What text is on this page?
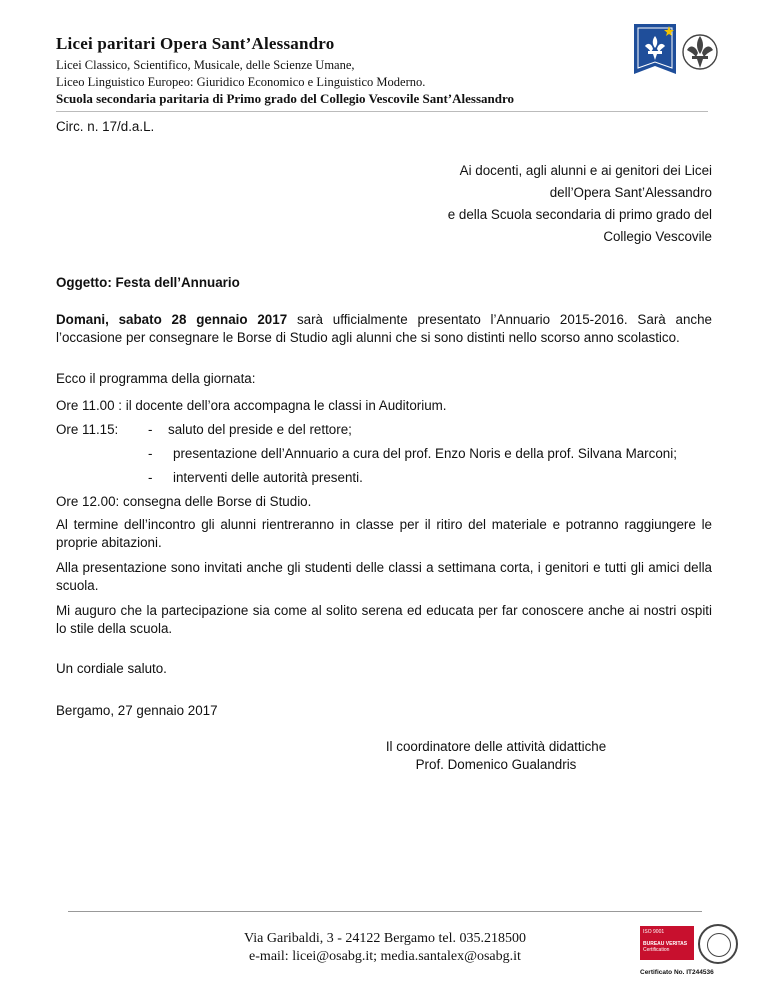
Licei paritari Opera Sant’Alessandro
Licei Classico, Scientifico, Musicale, delle Scienze Umane,
Liceo Linguistico Europeo: Giuridico Economico e Linguistico Moderno.
Scuola secondaria paritaria di Primo grado del Collegio Vescovile Sant’Alessandro
Circ. n. 17/d.a.L.
Ai docenti, agli alunni e ai genitori dei Licei
dell’Opera Sant’Alessandro
e della Scuola secondaria di primo grado del
Collegio Vescovile
Oggetto: Festa dell’Annuario

Domani, sabato 28 gennaio 2017 sarà ufficialmente presentato l’Annuario 2015-2016. Sarà anche l’occasione per consegnare le Borse di Studio agli alunni che si sono distinti nello scorso anno scolastico.

Ecco il programma della giornata:
Ore 11.00 : il docente dell’ora accompagna le classi in Auditorium.
Ore 11.15: - saluto del preside e del rettore;
- presentazione dell’Annuario a cura del prof. Enzo Noris e della prof. Silvana Marconi;
- interventi delle autorità presenti.
Ore 12.00: consegna delle Borse di Studio.

Al termine dell’incontro gli alunni rientreranno in classe per il ritiro del materiale e potranno raggiungere le proprie abitazioni.

Alla presentazione sono invitati anche gli studenti delle classi a settimana corta, i genitori e tutti gli amici della scuola.

Mi auguro che la partecipazione sia come al solito serena ed educata per far conoscere anche ai nostri ospiti lo stile della scuola.

Un cordiale saluto.
Bergamo, 27 gennaio 2017
Il coordinatore delle attività didattiche
Prof. Domenico Gualandris
Via Garibaldi, 3 - 24122 Bergamo tel. 035.218500
e-mail: licei@osabg.it; media.santalex@osabg.it
ISO 9001
BUREAU VERITAS
Certification
Certificato No. IT244536
